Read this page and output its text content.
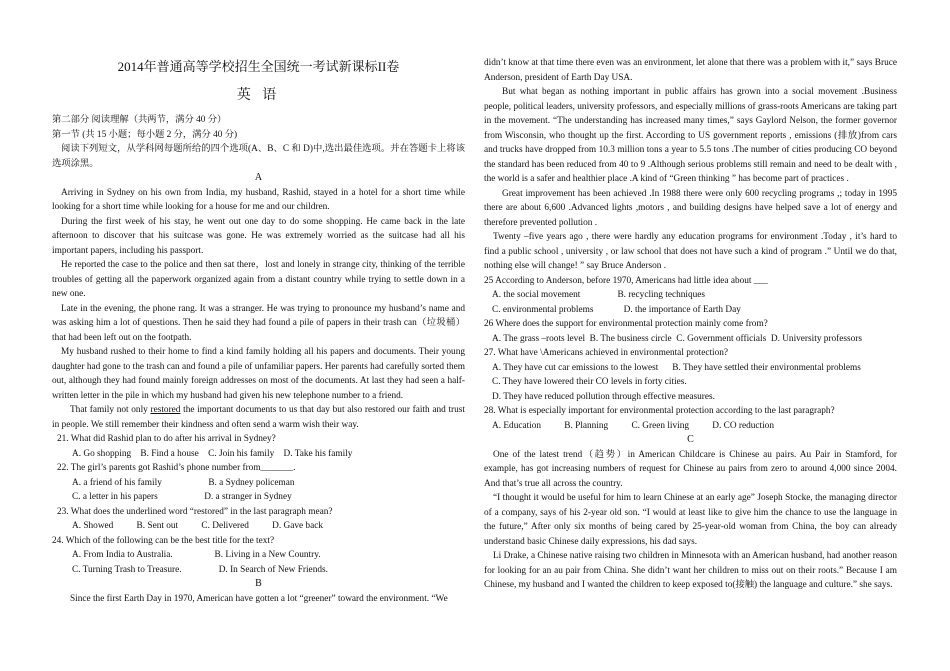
2014年普通高等学校招生全国统一考试新课标II卷
英 语

第二部分 阅读理解（共两节，满分 40 分）

第一节 (共 15 小题；每小题 2 分，满分 40 分)

阅读下列短文，从学科网每题所给的四个选项(A、B、C 和 D)中,选出最佳选项。并在答题卡上将该选项涂黑。

A

Arriving in Sydney on his own from India, my husband, Rashid, stayed in a hotel for a short time while looking for a short time while looking for a house for me and our children.

During the first week of his stay, he went out one day to do some shopping. He came back in the late afternoon to discover that his suitcase was gone. He was extremely worried as the suitcase had all his important papers, including his passport.

He reported the case to the police and then sat there，lost and lonely in strange city, thinking of the terrible troubles of getting all the paperwork organized again from a distant country while trying to settle down in a new one.

Late in the evening, the phone rang. It was a stranger. He was trying to pronounce my husband’s name and was asking him a lot of questions. Then he said they had found a pile of papers in their trash can（垃圾桶）that had been left out on the footpath.

My husband rushed to their home to find a kind family holding all his papers and documents. Their young daughter had gone to the trash can and found a pile of unfamiliar papers. Her parents had carefully sorted them out, although they had found mainly foreign addresses on most of the documents. At last they had seen a half-written letter in the pile in which my husband had given his new telephone number to a friend.

That family not only restored the important documents to us that day but also restored our faith and trust in people. We still remember their kindness and often send a warm wish their way.

21. What did Rashid plan to do after his arrival in Sydney?

A. Go shopping    B. Find a house    C. Join his family    D. Take his family

22. The girl’s parents got Rashid’s phone number from_______.

A. a friend of his family                    B. a Sydney policeman

C. a letter in his papers                    D. a stranger in Sydney

23. What does the underlined word “restored” in the last paragraph mean?

A. Showed          B. Sent out          C. Delivered          D. Gave back

24. Which of the following can be the best title for the text?

A. From India to Australia.                  B. Living in a New Country.

C. Turning Trash to Treasure.                D. In Search of New Friends.

B

Since the first Earth Day in 1970, American have gotten a lot “greener” toward the environment. “We

didn’t know at that time there even was an environment, let alone that there was a problem with it,” says Bruce Anderson, president of Earth Day USA.

But what began as nothing important in public affairs has grown into a social movement .Business people, political leaders, university professors, and especially millions of grass-roots Americans are taking part in the movement. “The understanding has increased many times,” says Gaylord Nelson, the former governor from Wisconsin, who thought up the first. According to US government reports , emissions (排放)from cars and trucks have dropped from 10.3 million tons a year to 5.5 tons .The number of cities producing CO beyond the standard has been reduced from 40 to 9 .Although serious problems still remain and need to be dealt with , the world is a safer and healthier place .A kind of “Green thinking ” has become part of practices .

Great improvement has been achieved .In 1988 there were only 600 recycling programs ,; today in 1995 there are about 6,600 .Advanced lights ,motors , and building designs have helped save a lot of energy and therefore prevented pollution .

Twenty –five years ago , there were hardly any education programs for environment .Today , it’s hard to find a public school , university , or law school that does not have such a kind of program .” Until we do that, nothing else will change! ” say Bruce Anderson .

25 According to Anderson, before 1970, Americans had little idea about ___

A. the social movement                B. recycling techniques

C. environmental problems             D. the importance of Earth Day

26 Where does the support for environmental protection mainly come from?

A. The grass –roots level  B. The business circle  C. Government officials  D. University professors

27. What have \Americans achieved in environmental protection?

A. They have cut car emissions to the lowest      B. They have settled their environmental problems

C. They have lowered their CO levels in forty cities.

D. They have reduced pollution through effective measures.

28. What is especially important for environmental protection according to the last paragraph?

A. Education          B. Planning          C. Green living          D. CO reduction

C

One of the latest trend（趋势）in American Childcare is Chinese au pairs. Au Pair in Stamford, for example, has got increasing numbers of request for Chinese au pairs from zero to around 4,000 since 2004. And that’s true all across the country.

“I thought it would be useful for him to learn Chinese at an early age” Joseph Stocke, the managing director of a company, says of his 2-year old son. “I would at least like to give him the chance to use the language in the future,” After only six months of being cared by 25-year-old woman from China, the boy can already understand basic Chinese daily expressions, his dad says.

Li Drake, a Chinese native raising two children in Minnesota with an American husband, had another reason for looking for an au pair from China. She didn’t want her children to miss out on their roots.” Because I am Chinese, my husband and I wanted the children to keep exposed to(接触) the language and culture.” she says.
